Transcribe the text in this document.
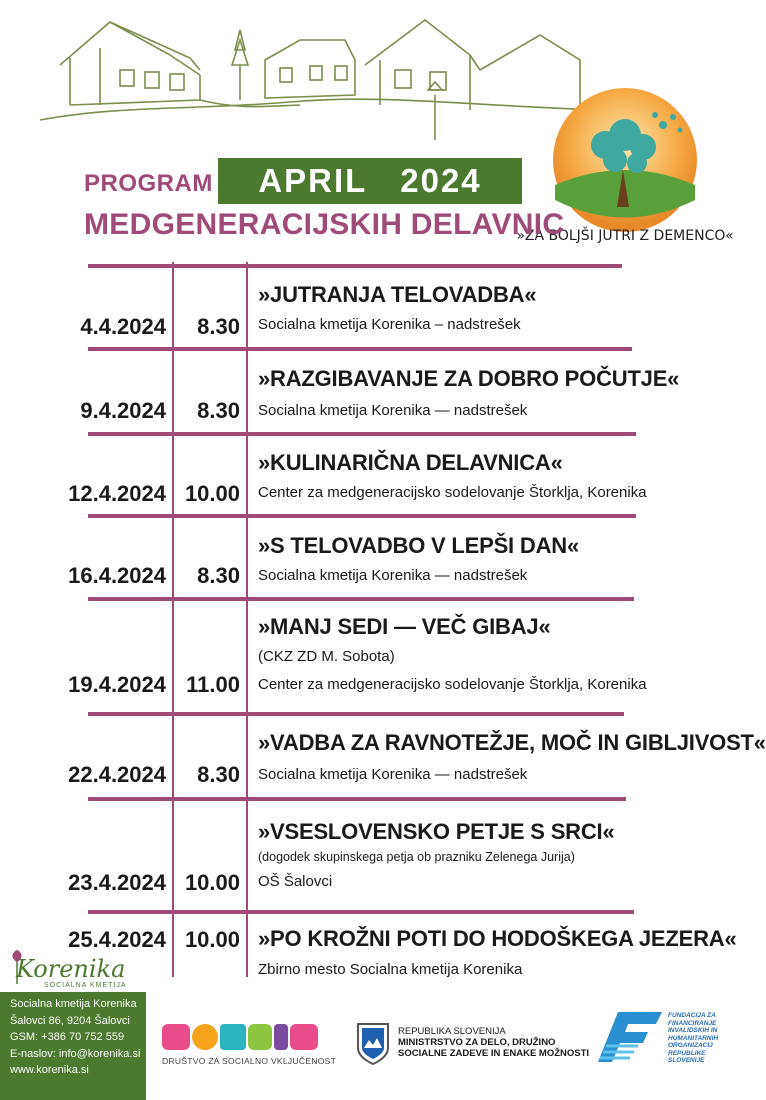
»ZA BOLJŠI JUTRI Z DEMENCO«
PROGRAM	APRIL   2024
MEDGENERACIJSKIH DELAVNIC
»JUTRANJA TELOVADBA«
Socialna kmetija Korenika – nadstrešek
4.4.2024	8.30
»RAZGIBAVANJE ZA DOBRO POČUTJE«
Socialna kmetija Korenika — nadstrešek
9.4.2024	8.30
»KULINARIČNA DELAVNICA«
Center za medgeneracijsko sodelovanje Štorklja, Korenika
12.4.2024 10.00
»S TELOVADBO V LEPŠI DAN«
Socialna kmetija Korenika — nadstrešek
16.4.2024	8.30
»MANJ SEDI — VEČ GIBAJ«
(CKZ ZD M. Sobota)
Center za medgeneracijsko sodelovanje Štorklja, Korenika
19.4.2024 11.00
»VADBA ZA RAVNOTEŽJE, MOČ IN GIBLJIVOST«
Socialna kmetija Korenika — nadstrešek
22.4.2024	8.30
»VSESLOVENSKO PETJE S SRCI«
(dogodek skupinskega petja ob prazniku Zelenega Jurija)
OŠ Šalovci
23.4.2024 10.00
»PO KROŽNI POTI DO HODOŠKEGA JEZERA«
Zbirno mesto Socialna kmetija Korenika
25.4.2024 10.00
Korenika
SOCIALNA KMETIJA
Socialna kmetija Korenika
Šalovci 86, 9204 Šalovci
GSM: +386 70 752 559
E-naslov: info@korenika.si
www.korenika.si
DRUŠTVO ZA SOCIALNO VKLJUČENOST
REPUBLIKA SLOVENIJA
MINISTRSTVO ZA DELO, DRUŽINO
SOCIALNE ZADEVE IN ENAKE MOŽNOSTI
FUNDACIJA ZA
FINANCIRANJE
INVALIDSKIH IN
HUMANITARNIH
ORGANIZACIJ
REPUBLIKE
SLOVENIJE
